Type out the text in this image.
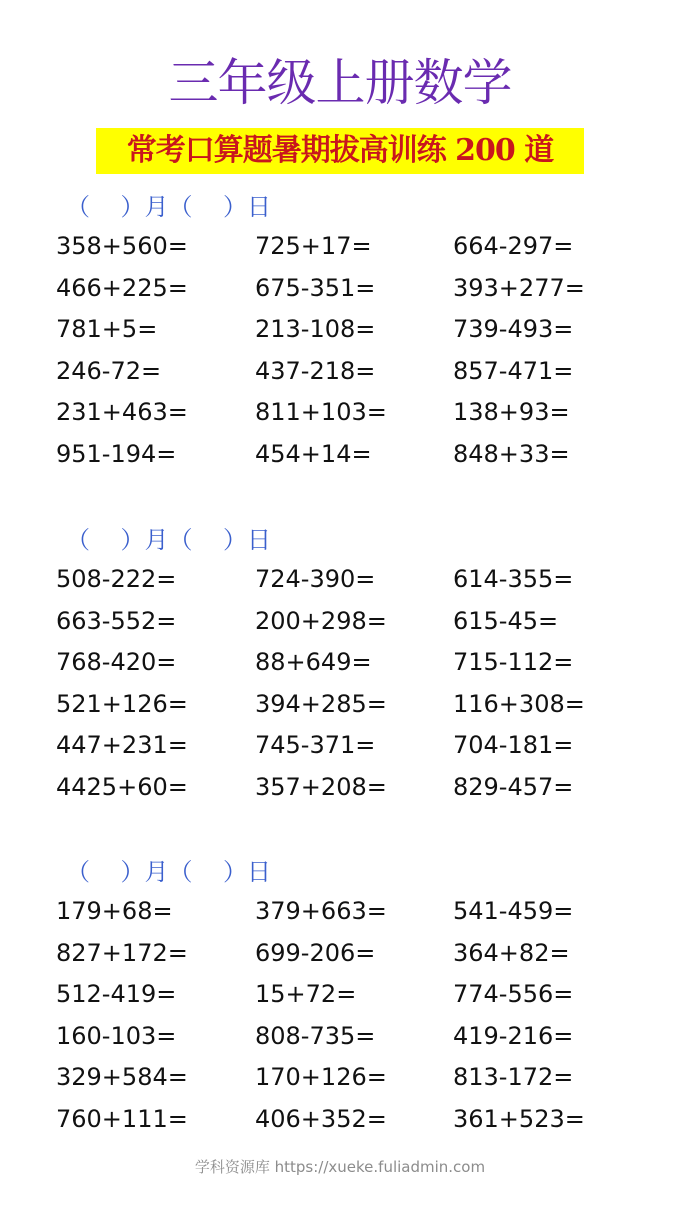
三年级上册数学
常考口算题暑期拔高训练 200 道
（    ）月（    ）日
358+560=	725+17=	664-297=
466+225=	675-351=	393+277=
781+5=	213-108=	739-493=
246-72=	437-218=	857-471=
231+463=	811+103=	138+93=
951-194=	454+14=	848+33=
（    ）月（    ）日
508-222=	724-390=	614-355=
663-552=	200+298=	615-45=
768-420=	88+649=	715-112=
521+126=	394+285=	116+308=
447+231=	745-371=	704-181=
4425+60=	357+208=	829-457=
（    ）月（    ）日
179+68=	379+663=	541-459=
827+172=	699-206=	364+82=
512-419=	15+72=	774-556=
160-103=	808-735=	419-216=
329+584=	170+126=	813-172=
760+111=	406+352=	361+523=
学科资源库 https://xueke.fuliadmin.com
